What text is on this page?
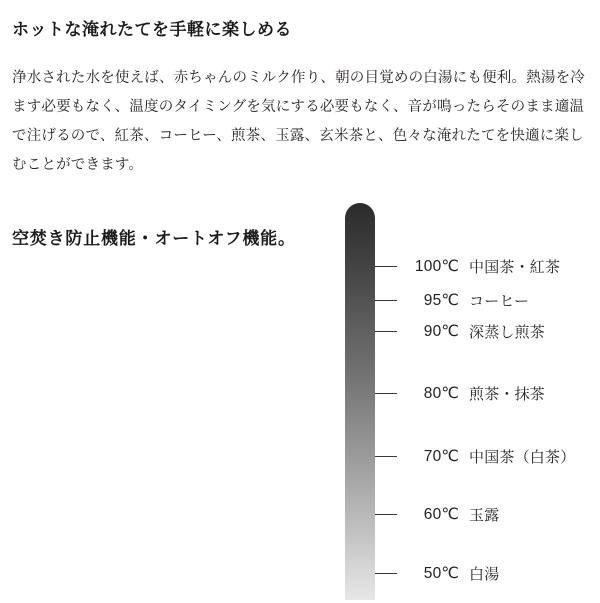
ホットな淹れたてを手軽に楽しめる

浄水された水を使えば、赤ちゃんのミルク作り、朝の目覚めの白湯にも便利。熱湯を冷ます必要もなく、温度のタイミングを気にする必要もなく、音が鳴ったらそのまま適温で注げるので、紅茶、コーヒー、煎茶、玉露、玄米茶と、色々な淹れたてを快適に楽しむことができます。

空焚き防止機能・オートオフ機能。
100℃ 中国茶・紅茶
95℃ コーヒー
90℃ 深蒸し煎茶
80℃ 煎茶・抹茶
70℃ 中国茶（白茶）
60℃ 玉露
50℃ 白湯
